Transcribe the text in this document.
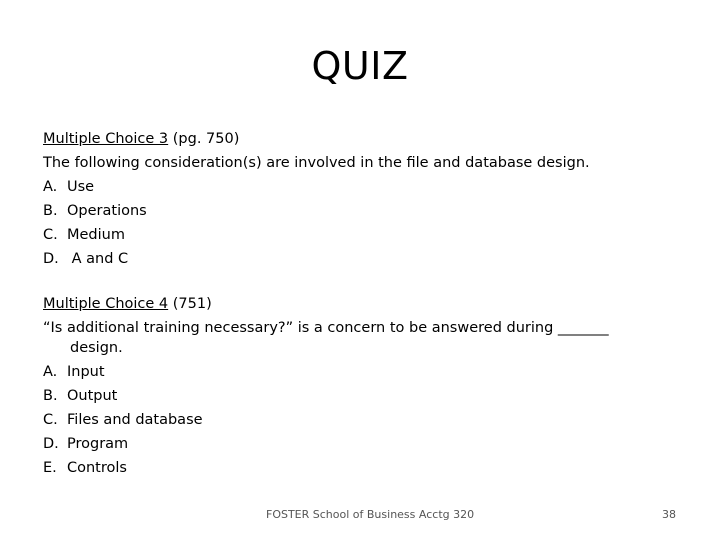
QUIZ
Multiple Choice 3 (pg. 750)
The following consideration(s) are involved in the file and database design.
A. Use
B. Operations
C. Medium
D. A and C
Multiple Choice 4 (751)
“Is additional training necessary?” is a concern to be answered during _______
design.
A. Input
B. Output
C. Files and database
D. Program
E. Controls
FOSTER School of Business Acctg 320	38
